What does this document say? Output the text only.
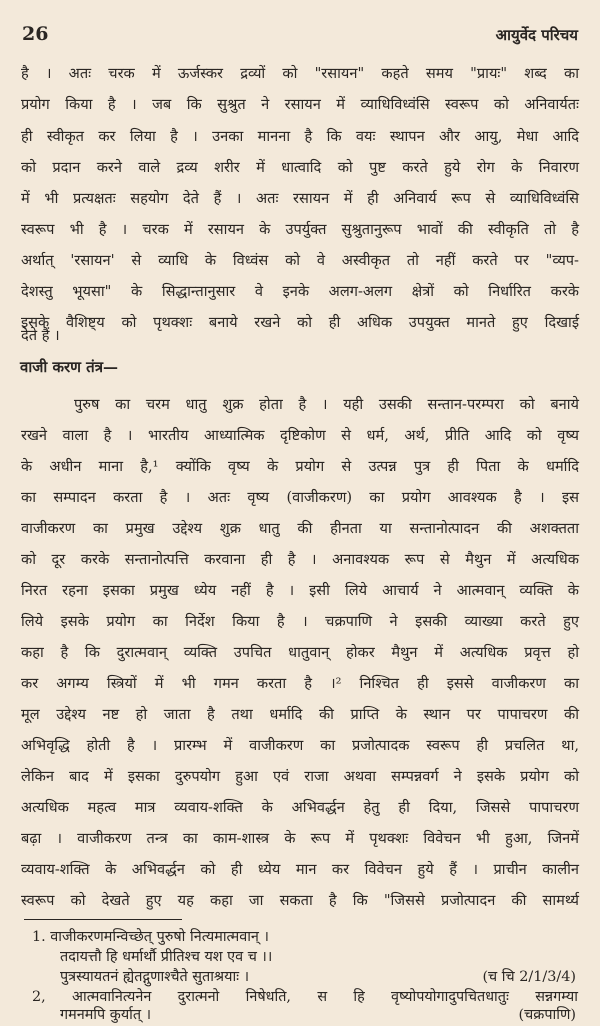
26	आयुर्वेद परिचय
है । अतः चरक में ऊर्जस्कर द्रव्यों को "रसायन" कहते समय "प्रायः" शब्द का
प्रयोग किया है । जब कि सुश्रुत ने रसायन में व्याधिविध्वंसि स्वरूप को अनिवार्यतः
ही स्वीकृत कर लिया है । उनका मानना है कि वयः स्थापन और आयु, मेधा आदि
को प्रदान करने वाले द्रव्य शरीर में धात्वादि को पुष्ट करते हुये रोग के निवारण
में भी प्रत्यक्षतः सहयोग देते हैं । अतः रसायन में ही अनिवार्य रूप से व्याधिविध्वंसि
स्वरूप भी है । चरक में रसायन के उपर्युक्त सुश्रुतानुरूप भावों की स्वीकृति तो है
अर्थात् 'रसायन' से व्याधि के विध्वंस को वे अस्वीकृत तो नहीं करते पर "व्यप-
देशस्तु भूयसा" के सिद्धान्तानुसार वे इनके अलग-अलग क्षेत्रों को निर्धारित करके
इसके वैशिष्ट्य को पृथक्शः बनाये रखने को ही अधिक उपयुक्त मानते हुए दिखाई
देते हैं ।
वाजी करण तंत्र—
पुरुष का चरम धातु शुक्र होता है । यही उसकी सन्तान-परम्परा को बनाये
रखने वाला है । भारतीय आध्यात्मिक दृष्टिकोण से धर्म, अर्थ, प्रीति आदि को वृष्य
के अधीन माना है,¹ क्योंकि वृष्य के प्रयोग से उत्पन्न पुत्र ही पिता के धर्मादि
का सम्पादन करता है । अतः वृष्य (वाजीकरण) का प्रयोग आवश्यक है । इस
वाजीकरण का प्रमुख उद्देश्य शुक्र धातु की हीनता या सन्तानोत्पादन की अशक्तता
को दूर करके सन्तानोत्पत्ति करवाना ही है । अनावश्यक रूप से मैथुन में अत्यधिक
निरत रहना इसका प्रमुख ध्येय नहीं है । इसी लिये आचार्य ने आत्मवान् व्यक्ति के
लिये इसके प्रयोग का निर्देश किया है । चक्रपाणि ने इसकी व्याख्या करते हुए
कहा है कि दुरात्मवान् व्यक्ति उपचित धातुवान् होकर मैथुन में अत्यधिक प्रवृत्त हो
कर अगम्य स्त्रियों में भी गमन करता है ।² निश्चित ही इससे वाजीकरण का
मूल उद्देश्य नष्ट हो जाता है तथा धर्मादि की प्राप्ति के स्थान पर पापाचरण की
अभिवृद्धि होती है । प्रारम्भ में वाजीकरण का प्रजोत्पादक स्वरूप ही प्रचलित था,
लेकिन बाद में इसका दुरुपयोग हुआ एवं राजा अथवा सम्पन्नवर्ग ने इसके प्रयोग को
अत्यधिक महत्व मात्र व्यवाय-शक्ति के अभिवर्द्धन हेतु ही दिया, जिससे पापाचरण
बढ़ा । वाजीकरण तन्त्र का काम-शास्त्र के रूप में पृथक्शः विवेचन भी हुआ, जिनमें
व्यवाय-शक्ति के अभिवर्द्धन को ही ध्येय मान कर विवेचन हुये हैं । प्राचीन कालीन
स्वरूप को देखते हुए यह कहा जा सकता है कि "जिससे प्रजोत्पादन की सामर्थ्य
1. वाजीकरणमन्विच्छेत् पुरुषो नित्यमात्मवान् ।
तदायत्तौ हि धर्मार्थौ प्रीतिश्च यश एव च ।।
पुत्रस्यायतनं ह्येतद्गुणाश्चैते सुताश्रयाः ।	(च चि 2/1/3/4)
2, आत्मवानित्यनेन दुरात्मनो निषेधति, स हि वृष्योपयोगादुपचितधातुः सन्नगम्या
गमनमपि कुर्यात् ।	(चक्रपाणि)
